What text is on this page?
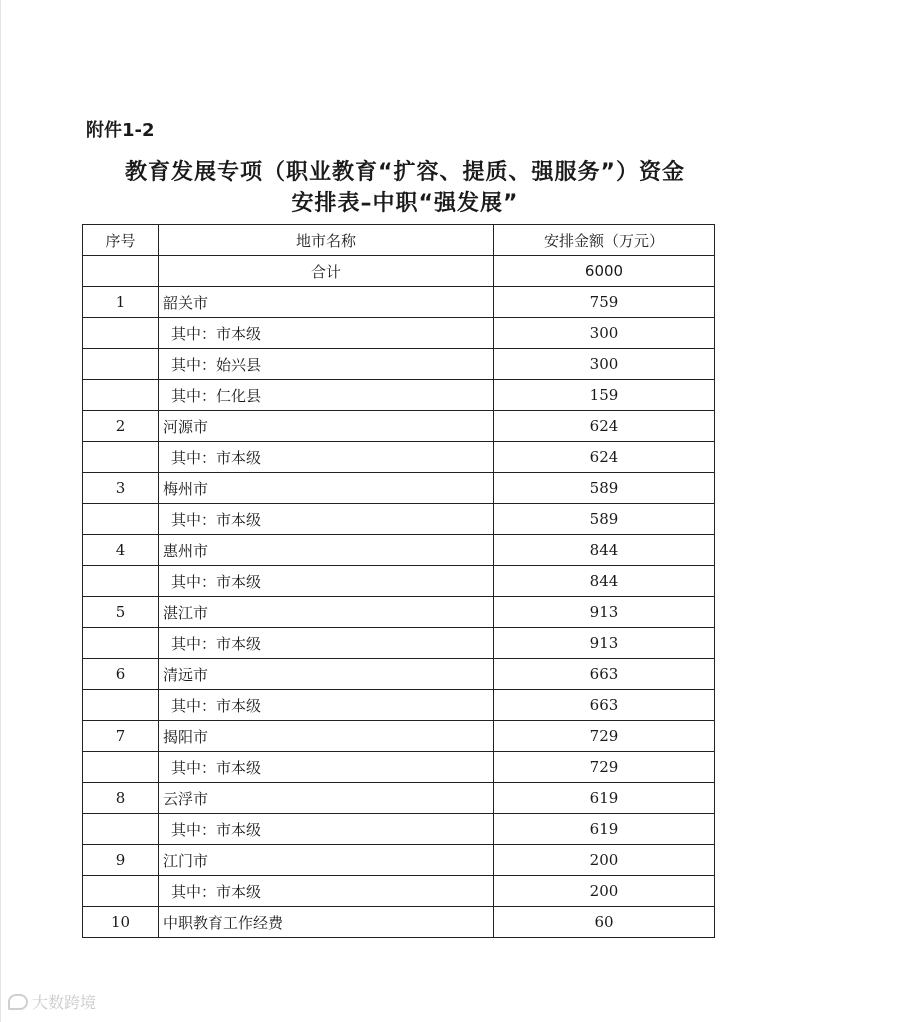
附件1-2
教育发展专项（职业教育“扩容、提质、强服务”）资金
安排表–中职“强发展”
序号	地市名称	安排金额（万元）
	合计	6000
1	韶关市	759
	其中：市本级	300
	其中：始兴县	300
	其中：仁化县	159
2	河源市	624
	其中：市本级	624
3	梅州市	589
	其中：市本级	589
4	惠州市	844
	其中：市本级	844
5	湛江市	913
	其中：市本级	913
6	清远市	663
	其中：市本级	663
7	揭阳市	729
	其中：市本级	729
8	云浮市	619
	其中：市本级	619
9	江门市	200
	其中：市本级	200
10	中职教育工作经费	60
大数跨境
